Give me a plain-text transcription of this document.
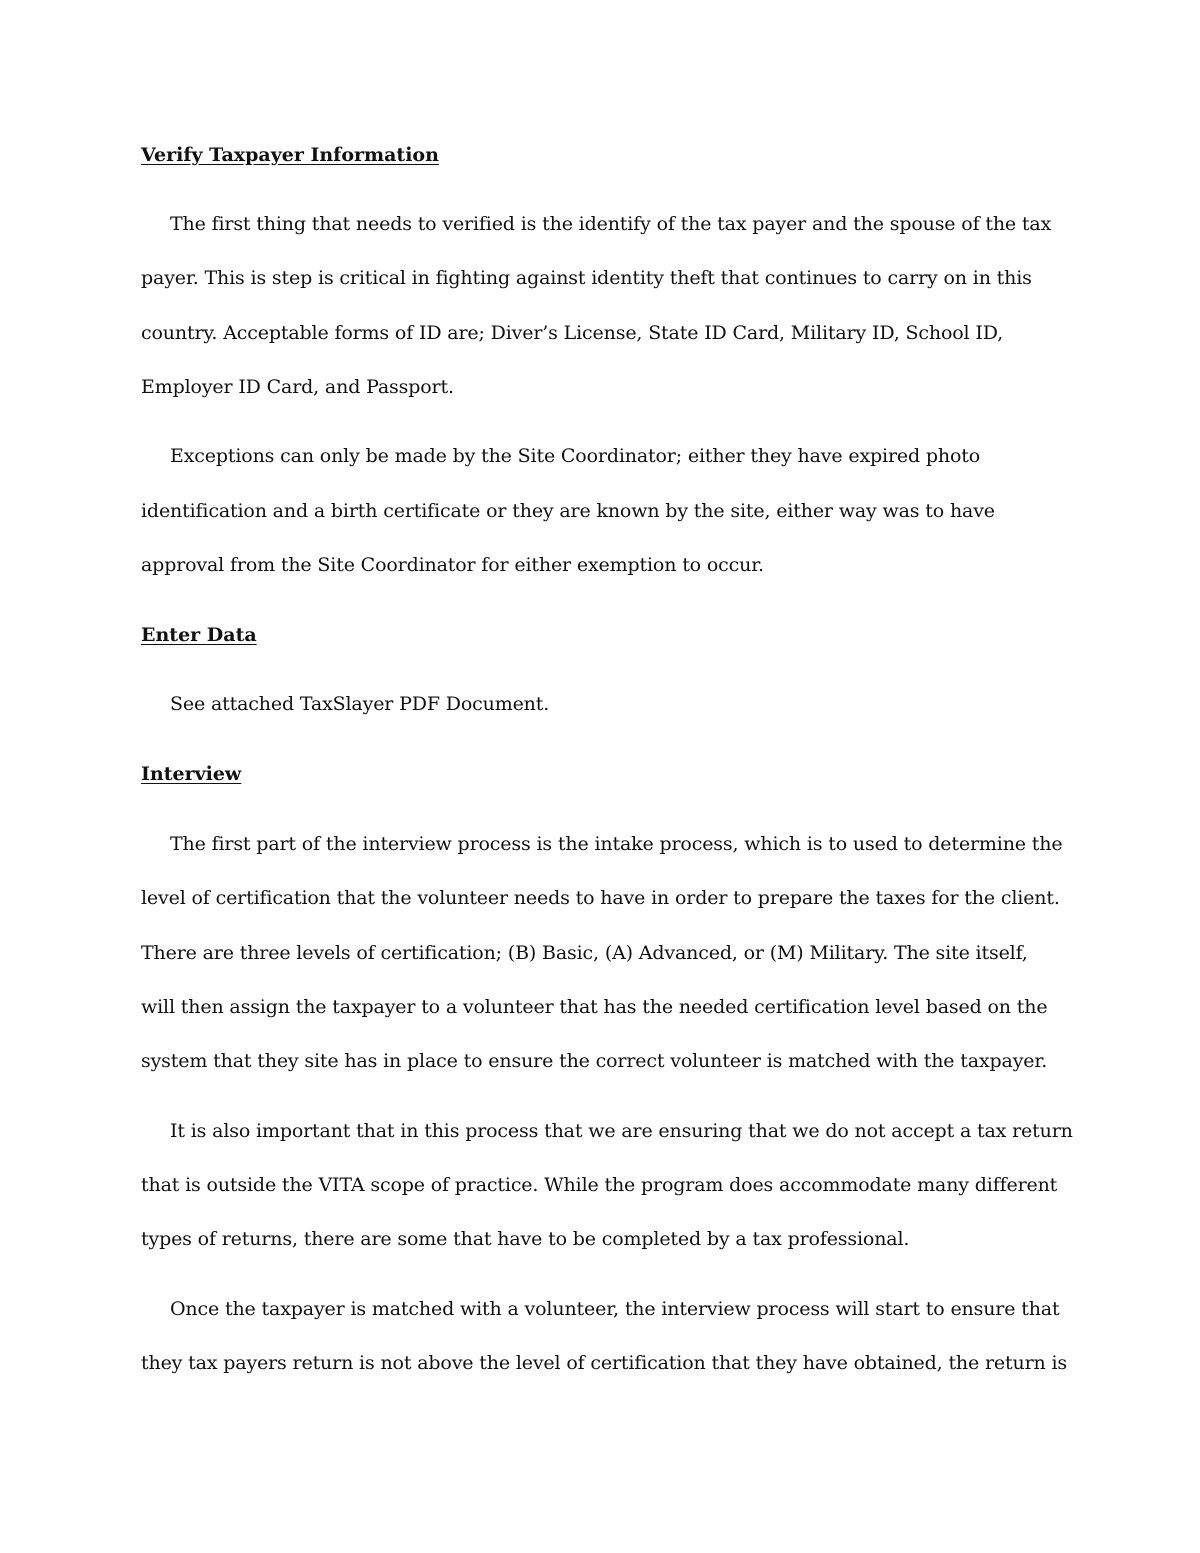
Verify Taxpayer Information

The first thing that needs to verified is the identify of the tax payer and the spouse of the tax

payer. This is step is critical in fighting against identity theft that continues to carry on in this

country. Acceptable forms of ID are; Diver’s License, State ID Card, Military ID, School ID,

Employer ID Card, and Passport.

Exceptions can only be made by the Site Coordinator; either they have expired photo

identification and a birth certificate or they are known by the site, either way was to have

approval from the Site Coordinator for either exemption to occur.

Enter Data

See attached TaxSlayer PDF Document.

Interview

The first part of the interview process is the intake process, which is to used to determine the

level of certification that the volunteer needs to have in order to prepare the taxes for the client.

There are three levels of certification; (B) Basic, (A) Advanced, or (M) Military. The site itself,

will then assign the taxpayer to a volunteer that has the needed certification level based on the

system that they site has in place to ensure the correct volunteer is matched with the taxpayer.

It is also important that in this process that we are ensuring that we do not accept a tax return

that is outside the VITA scope of practice. While the program does accommodate many different

types of returns, there are some that have to be completed by a tax professional.

Once the taxpayer is matched with a volunteer, the interview process will start to ensure that

they tax payers return is not above the level of certification that they have obtained, the return is
